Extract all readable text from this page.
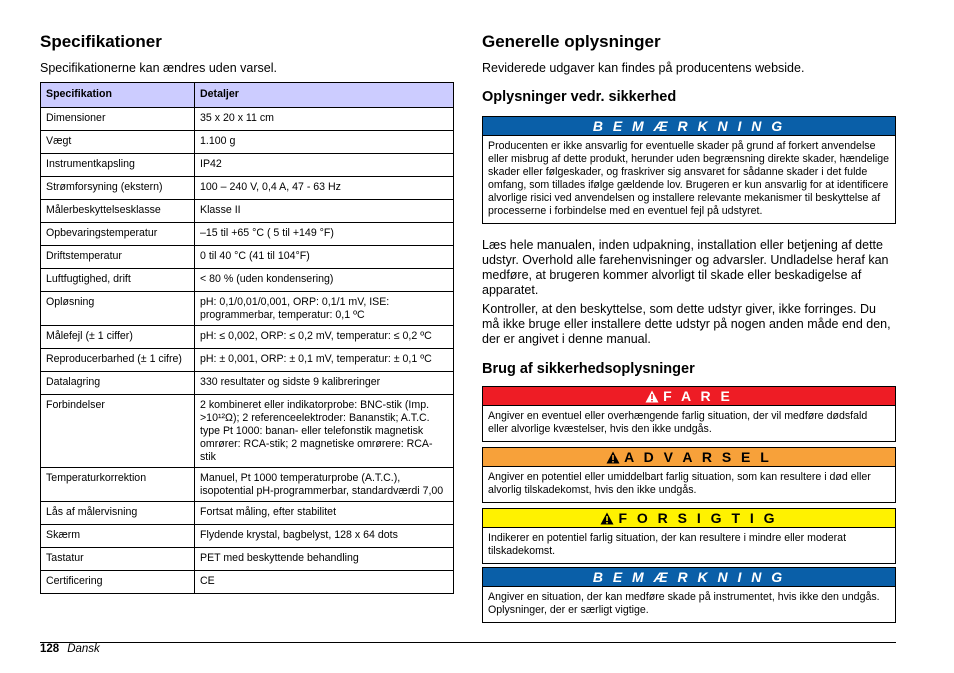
Specifikationer

Specifikationerne kan ændres uden varsel.

Specifikation	Detaljer
Dimensioner	35 x 20 x 11 cm
Vægt	1.100 g
Instrumentkapsling	IP42
Strømforsyning (ekstern)	100 – 240 V, 0,4 A, 47 - 63 Hz
Målerbeskyttelsesklasse	Klasse II
Opbevaringstemperatur	–15 til +65 °C ( 5 til +149 °F)
Driftstemperatur	0 til 40 °C (41 til 104°F)
Luftfugtighed, drift	< 80 % (uden kondensering)
Opløsning	pH: 0,1/0,01/0,001, ORP: 0,1/1 mV, ISE: programmerbar, temperatur: 0,1 ºC
Målefejl (± 1 ciffer)	pH: ≤ 0,002, ORP: ≤ 0,2 mV, temperatur: ≤ 0,2 ºC
Reproducerbarhed (± 1 cifre)	pH: ± 0,001, ORP: ± 0,1 mV, temperatur: ± 0,1 ºC
Datalagring	330 resultater og sidste 9 kalibreringer
Forbindelser	2 kombineret eller indikatorprobe: BNC-stik (Imp. >10¹²Ω); 2 referenceelektroder: Bananstik; A.T.C. type Pt 1000: banan- eller telefonstik magnetisk omrører: RCA-stik; 2 magnetiske omrørere: RCA-stik
Temperaturkorrektion	Manuel, Pt 1000 temperaturprobe (A.T.C.), isopotential pH-programmerbar, standardværdi 7,00
Lås af målervisning	Fortsat måling, efter stabilitet
Skærm	Flydende krystal, bagbelyst, 128 x 64 dots
Tastatur	PET med beskyttende behandling
Certificering	CE
Generelle oplysninger

Reviderede udgaver kan findes på producentens webside.

Oplysninger vedr. sikkerhed
B E M Æ R K N I N G
Producenten er ikke ansvarlig for eventuelle skader på grund af forkert anvendelse eller misbrug af dette produkt, herunder uden begrænsning direkte skader, hændelige skader eller følgeskader, og fraskriver sig ansvaret for sådanne skader i det fulde omfang, som tillades ifølge gældende lov. Brugeren er kun ansvarlig for at identificere alvorlige risici ved anvendelsen og installere relevante mekanismer til beskyttelse af processerne i forbindelse med en eventuel fejl på udstyret.

Læs hele manualen, inden udpakning, installation eller betjening af dette udstyr. Overhold alle farehenvisninger og advarsler. Undladelse heraf kan medføre, at brugeren kommer alvorligt til skade eller beskadigelse af apparatet.

Kontroller, at den beskyttelse, som dette udstyr giver, ikke forringes. Du må ikke bruge eller installere dette udstyr på nogen anden måde end den, der er angivet i denne manual.

Brug af sikkerhedsoplysninger
F A R E
Angiver en eventuel eller overhængende farlig situation, der vil medføre dødsfald eller alvorlige kvæstelser, hvis den ikke undgås.
A D V A R S E L
Angiver en potentiel eller umiddelbart farlig situation, som kan resultere i død eller alvorlig tilskadekomst, hvis den ikke undgås.
F O R S I G T I G
Indikerer en potentiel farlig situation, der kan resultere i mindre eller moderat tilskadekomst.
B E M Æ R K N I N G
Angiver en situation, der kan medføre skade på instrumentet, hvis ikke den undgås. Oplysninger, der er særligt vigtige.
128 Dansk
